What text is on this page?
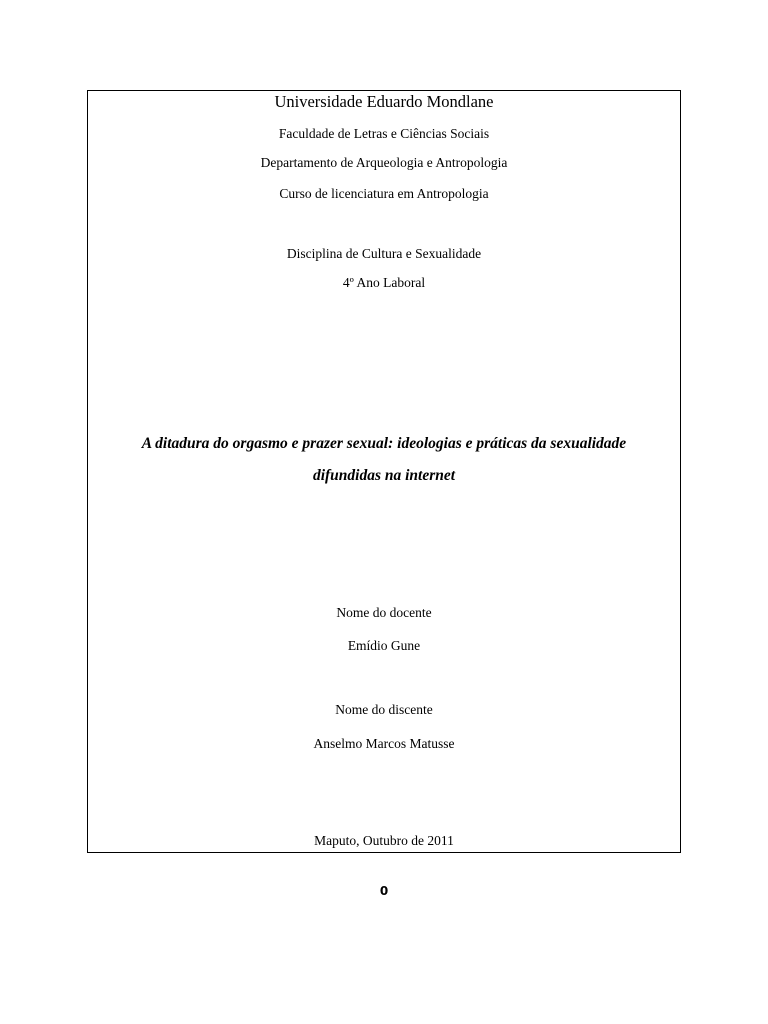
Universidade Eduardo Mondlane
Faculdade de Letras e Ciências Sociais
Departamento de Arqueologia e Antropologia
Curso de licenciatura em Antropologia
Disciplina de Cultura e Sexualidade
4º Ano Laboral
A ditadura do orgasmo e prazer sexual: ideologias e práticas da sexualidade
difundidas na internet
Nome do docente
Emídio Gune
Nome do discente
Anselmo Marcos Matusse
Maputo, Outubro de 2011
0
